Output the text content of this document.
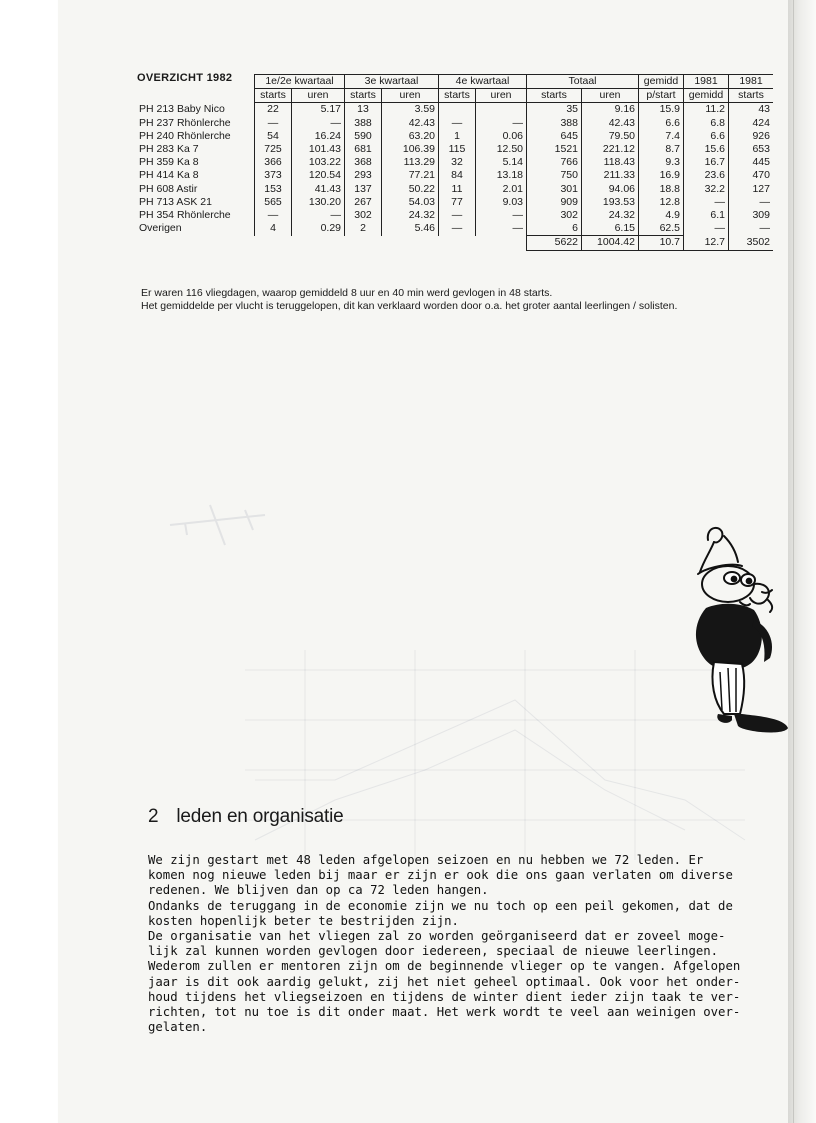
OVERZICHT 1982
		1e/2e kwartaal		3e kwartaal		4e kwartaal		Totaal		gemidd	1981	1981
	starts	uren	starts	uren	starts	uren	starts	uren	p/start	gemidd	starts
PH 213 Baby Nico	22	5.17	13	3.59			35	9.16	15.9	11.2	43
PH 237 Rhönlerche	—	—	388	42.43	—	—	388	42.43	6.6	6.8	424
PH 240 Rhönlerche	54	16.24	590	63.20	1	0.06	645	79.50	7.4	6.6	926
PH 283 Ka 7	725	101.43	681	106.39	115	12.50	1521	221.12	8.7	15.6	653
PH 359 Ka 8	366	103.22	368	113.29	32	5.14	766	118.43	9.3	16.7	445
PH 414 Ka 8	373	120.54	293	77.21	84	13.18	750	211.33	16.9	23.6	470
PH 608 Astir	153	41.43	137	50.22	11	2.01	301	94.06	18.8	32.2	127
PH 713 ASK 21	565	130.20	267	54.03	77	9.03	909	193.53	12.8	—	—
PH 354 Rhönlerche	—	—	302	24.32	—	—	302	24.32	4.9	6.1	309
Overigen	4	0.29	2	5.46	—	—	6	6.15	62.5	—	—
							5622	1004.42	10.7	12.7	3502

Er waren 116 vliegdagen, waarop gemiddeld 8 uur en 40 min werd gevlogen in 48 starts.

Het gemiddelde per vlucht is teruggelopen, dit kan verklaard worden door o.a. het groter aantal leerlingen / solisten.

2 leden en organisatie

We zijn gestart met 48 leden afgelopen seizoen en nu hebben we 72 leden. Er

komen nog nieuwe leden bij maar er zijn er ook die ons gaan verlaten om diverse

redenen. We blijven dan op ca 72 leden hangen.

Ondanks de teruggang in de economie zijn we nu toch op een peil gekomen, dat de

kosten hopenlijk beter te bestrijden zijn.

De organisatie van het vliegen zal zo worden geörganiseerd dat er zoveel moge-

lijk zal kunnen worden gevlogen door iedereen, speciaal de nieuwe leerlingen.

Wederom zullen er mentoren zijn om de beginnende vlieger op te vangen. Afgelopen

jaar is dit ook aardig gelukt, zij het niet geheel optimaal. Ook voor het onder-

houd tijdens het vliegseizoen en tijdens de winter dient ieder zijn taak te ver-

richten, tot nu toe is dit onder maat. Het werk wordt te veel aan weinigen over-

gelaten.
